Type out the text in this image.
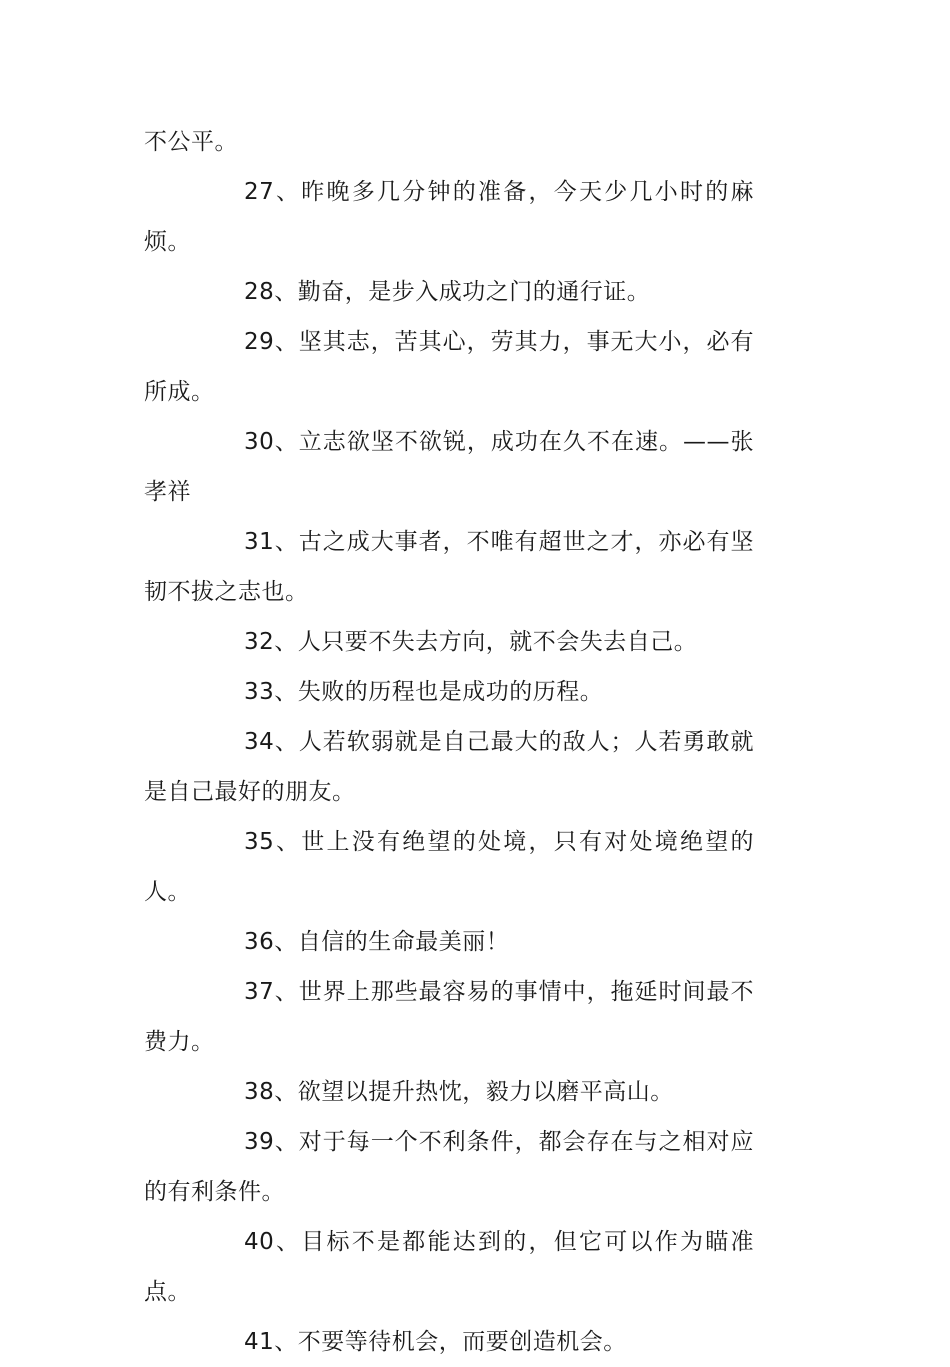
不公平。

27、昨晚多几分钟的准备，今天少几小时的麻烦。

28、勤奋，是步入成功之门的通行证。

29、坚其志，苦其心，劳其力，事无大小，必有所成。

30、立志欲坚不欲锐，成功在久不在速。——张孝祥

31、古之成大事者，不唯有超世之才，亦必有坚韧不拔之志也。

32、人只要不失去方向，就不会失去自己。

33、失败的历程也是成功的历程。

34、人若软弱就是自己最大的敌人；人若勇敢就是自己最好的朋友。

35、世上没有绝望的处境，只有对处境绝望的人。

36、自信的生命最美丽！

37、世界上那些最容易的事情中，拖延时间最不费力。

38、欲望以提升热忱，毅力以磨平高山。

39、对于每一个不利条件，都会存在与之相对应的有利条件。

40、目标不是都能达到的，但它可以作为瞄准点。

41、不要等待机会，而要创造机会。
